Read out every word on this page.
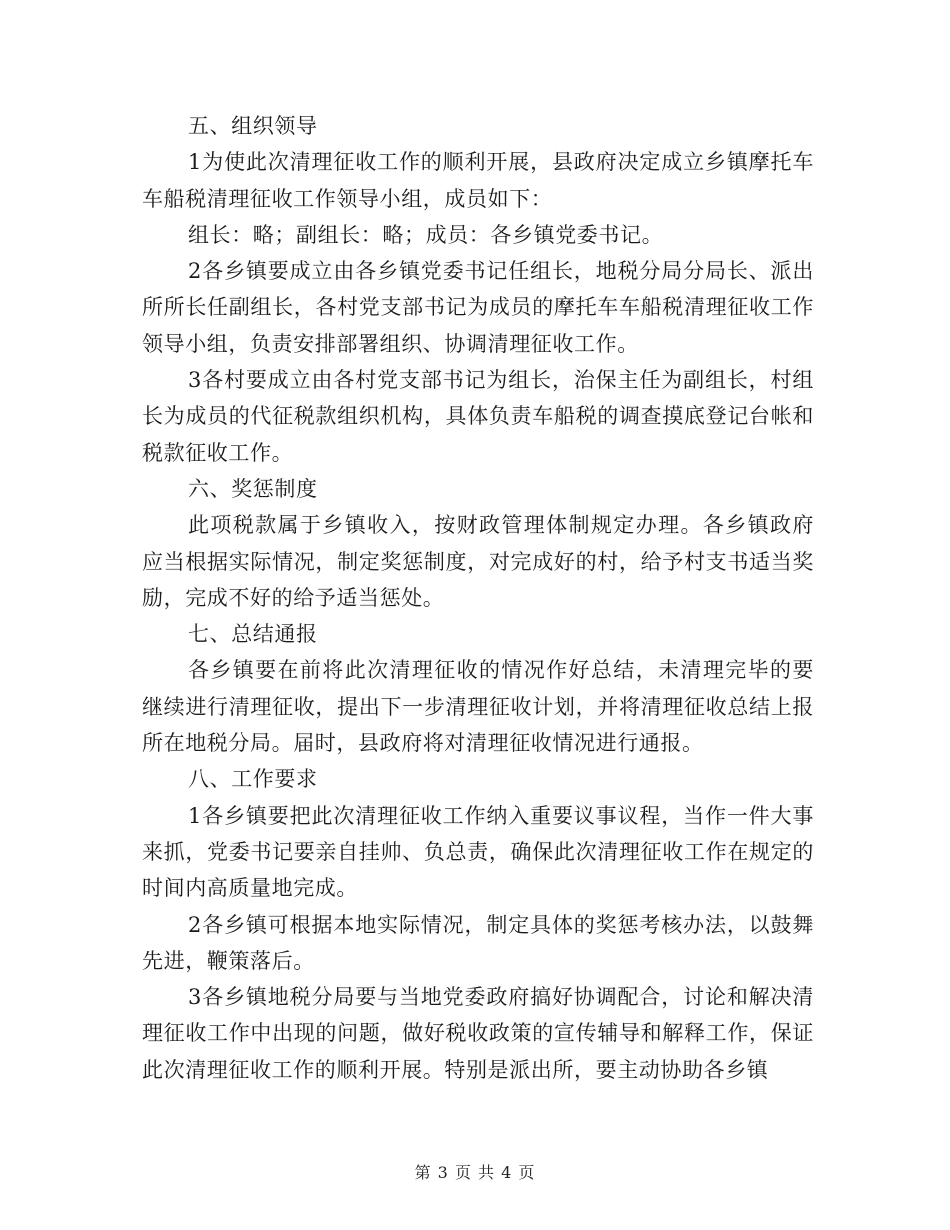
五、组织领导

1为使此次清理征收工作的顺利开展，县政府决定成立乡镇摩托车车船税清理征收工作领导小组，成员如下：

组长：略；副组长：略；成员：各乡镇党委书记。

2各乡镇要成立由各乡镇党委书记任组长，地税分局分局长、派出所所长任副组长，各村党支部书记为成员的摩托车车船税清理征收工作领导小组，负责安排部署组织、协调清理征收工作。

3各村要成立由各村党支部书记为组长，治保主任为副组长，村组长为成员的代征税款组织机构，具体负责车船税的调查摸底登记台帐和税款征收工作。

六、奖惩制度

此项税款属于乡镇收入，按财政管理体制规定办理。各乡镇政府应当根据实际情况，制定奖惩制度，对完成好的村，给予村支书适当奖励，完成不好的给予适当惩处。

七、总结通报

各乡镇要在前将此次清理征收的情况作好总结，未清理完毕的要继续进行清理征收，提出下一步清理征收计划，并将清理征收总结上报所在地税分局。届时，县政府将对清理征收情况进行通报。

八、工作要求

1各乡镇要把此次清理征收工作纳入重要议事议程，当作一件大事来抓，党委书记要亲自挂帅、负总责，确保此次清理征收工作在规定的时间内高质量地完成。

2各乡镇可根据本地实际情况，制定具体的奖惩考核办法，以鼓舞先进，鞭策落后。

3各乡镇地税分局要与当地党委政府搞好协调配合，讨论和解决清理征收工作中出现的问题，做好税收政策的宣传辅导和解释工作，保证此次清理征收工作的顺利开展。特别是派出所，要主动协助各乡镇

第 3 页 共 4 页
